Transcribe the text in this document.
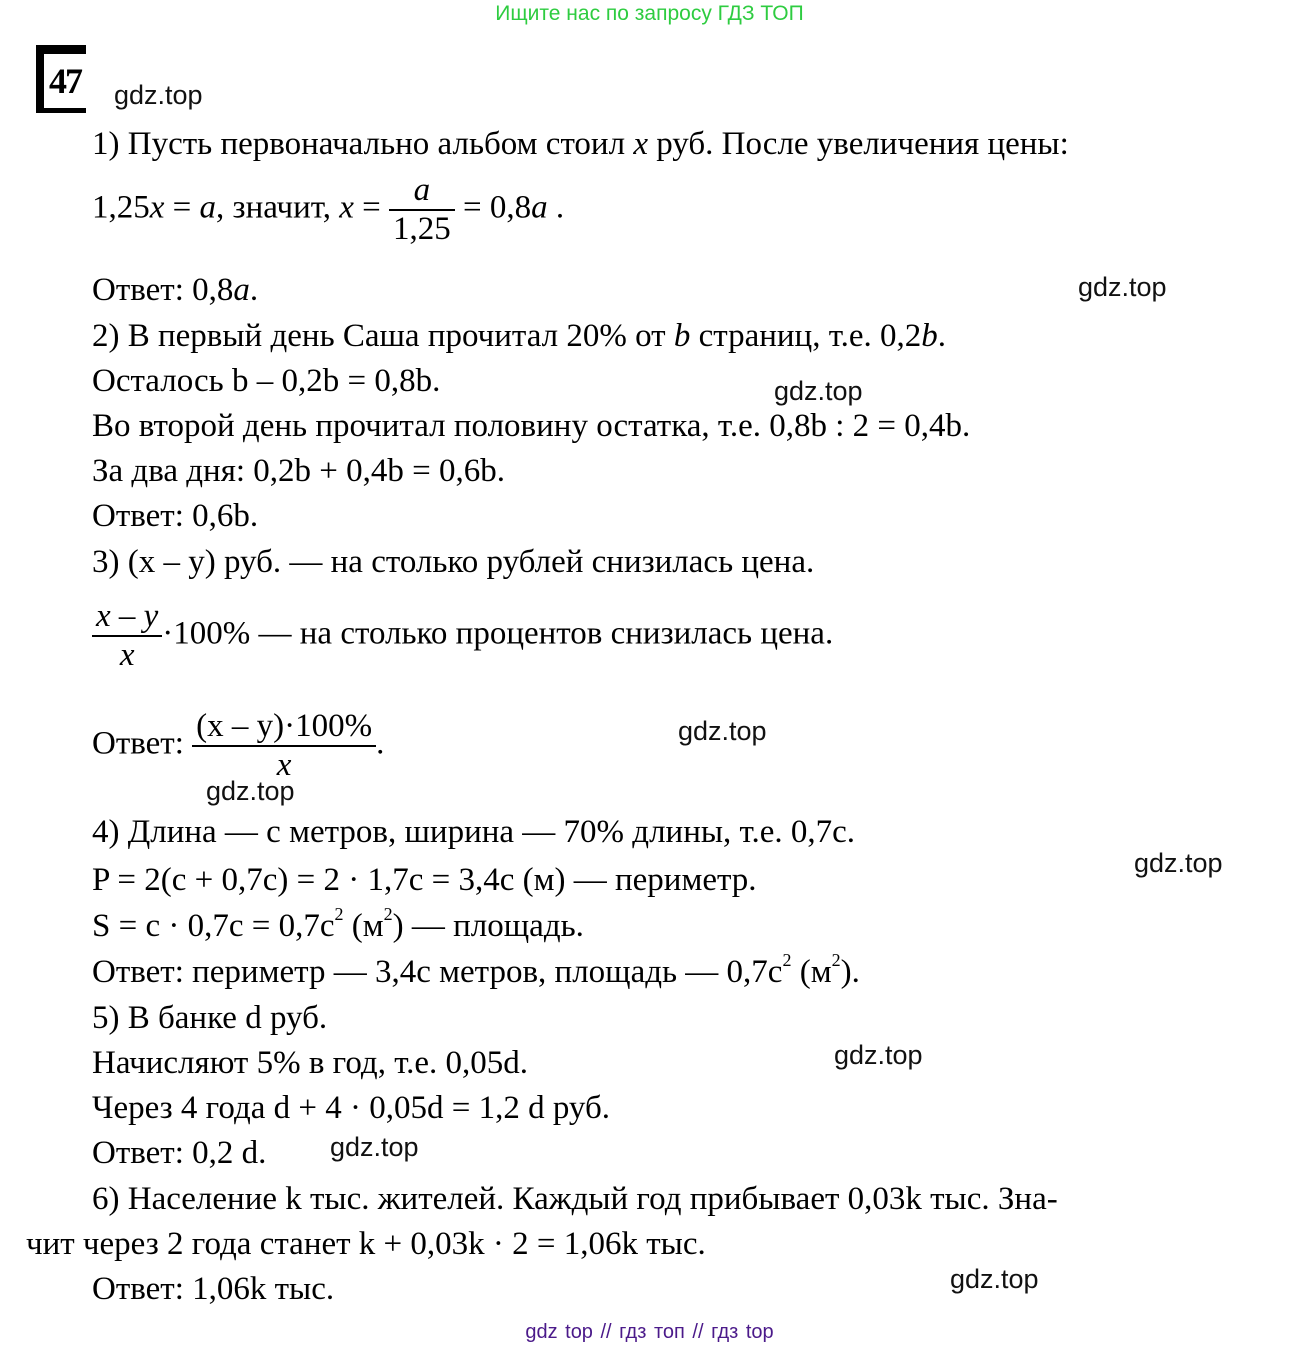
Ищите нас по запросу ГДЗ ТОП
47 gdz.top
1) Пусть первоначально альбом стоил x руб. После увеличения цены:
1,25x = a, значит, $x = \frac{a}{1,25} = 0,8a$ .
Ответ: 0,8a.	gdz.top
2) В первый день Саша прочитал 20% от b страниц, т.е. 0,2b.
Осталось b – 0,2b = 0,8b.	gdz.top
Во второй день прочитал половину остатка, т.е. 0,8b : 2 = 0,4b.
За два дня: 0,2b + 0,4b = 0,6b.
Ответ: 0,6b.
3) (x – y) руб. — на столько рублей снизилась цена.
$\frac{x - y}{x} \cdot 100\%$ — на столько процентов снизилась цена.
Ответ: $\frac{(x - y)\cdot 100\%}{x}$ .	gdz.top
gdz.top
4) Длина — c метров, ширина — 70% длины, т.е. 0,7c.
gdz.top
P = 2(c + 0,7c) = 2 · 1,7c = 3,4c (м) — периметр.
$S = c \cdot 0,7c = 0,7c^2$ $(м^2)$ — площадь.
Ответ: периметр — 3,4c метров, площадь — $0,7c^2$ $(м^2)$.
5) В банке d руб.
Начисляют 5% в год, т.е. 0,05d.	gdz.top
Через 4 года d + 4 · 0,05d = 1,2 d руб.
Ответ: 0,2 d. gdz.top
6) Население k тыс. жителей. Каждый год прибывает 0,03k тыс. Зна-
чит через 2 года станет k + 0,03k · 2 = 1,06k тыс.
Ответ: 1,06k тыс.	gdz.top
gdz top // гдз топ // гдз top
